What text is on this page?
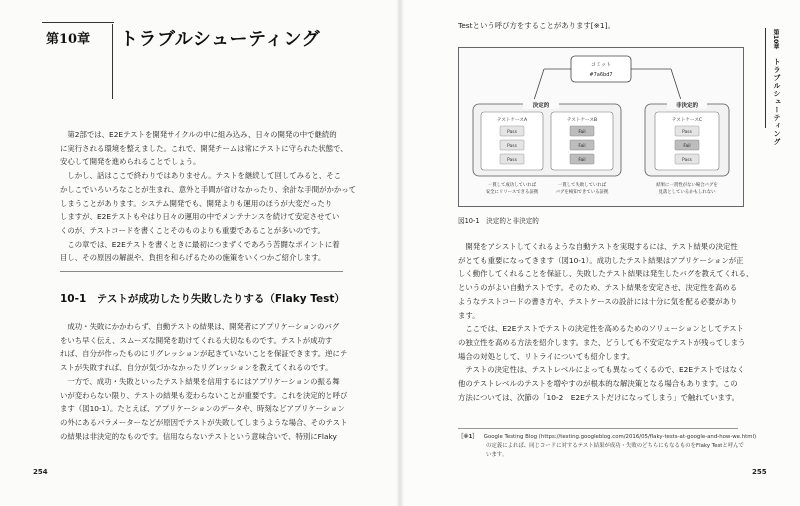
第10章 トラブルシューティング
　第2部では、E2Eテストを開発サイクルの中に組み込み、日々の開発の中で継続的
に実行される環境を整えました。これで、開発チームは常にテストに守られた状態で、
安心して開発を進められることでしょう。
　しかし、話はここで終わりではありません。テストを継続して回してみると、そこ
かしこでいろいろなことが生まれ、意外と手間が省けなかったり、余計な手間がかかって
しまうことがあります。システム開発でも、開発よりも運用のほうが大変だったり
しますが、E2Eテストもやはり日々の運用の中でメンテナンスを続けて安定させてい
くのが、テストコードを書くことそのものよりも重要であることが多いのです。
　この章では、E2Eテストを書くときに最初につまずくであろう苦闘なポイントに着
目し、その原因の解説や、負担を和らげるための施策をいくつかご紹介します。
10-1　テストが成功したり失敗したりする（Flaky Test）
　成功・失敗にかかわらず、自動テストの結果は、開発者にアプリケーションのバグ
をいち早く伝え、スムーズな開発を助けてくれる大切なものです。テストが成功す
れば、自分が作ったものにリグレッションが起きていないことを保証できます。逆にテ
ストが失敗すれば、自分が気づかなかったリグレッションを教えてくれるのです。
　一方で、成功・失敗といったテスト結果を信用するにはアプリケーションの振る舞
いが変わらない限り、テストの結果も変わらないことが重要です。これを決定的と呼び
ます（図10-1）。たとえば、アプリケーションのデータや、時刻などアプリケーション
の外にあるパラメーターなどが原因でテストが失敗してしまうような場合、そのテスト
の結果は非決定的なものです。信用ならないテストという意味合いで、特別にFlaky
254
第10章
トラブルシューティング
Testという呼び方をすることがあります[※1]。
コミット
#7a6bd7
決定的	非決定的
テストケースA
Pass
Pass
Pass
テストケースB
Fail
Fail
Fail
テストケースC
Pass
Fail
Pass
一貫して成功していれば
安全にリリースできる証拠
一貫して失敗していれば
バグを検知できている証拠
結果に一貫性がない場合バグを
見落としているかもしれない
図10-1　決定的と非決定的
　開発をアシストしてくれるような自動テストを実現するには、テスト結果の決定性
がとても重要になってきます（図10-1）。成功したテスト結果はアプリケーションが正
しく動作してくれることを保証し、失敗したテスト結果は発生したバグを教えてくれる、
というのがよい自動テストです。そのため、テスト結果を安定させ、決定性を高める
ようなテストコードの書き方や、テストケースの設計には十分に気を配る必要があり
ます。
　ここでは、E2Eテストでテストの決定性を高めるためのソリューションとしてテスト
の独立性を高める方法を紹介します。また、どうしても不安定なテストが残ってしまう
場合の対処として、リトライについても紹介します。
　テストの決定性は、テストレベルによっても異なってくるので、E2Eテストではなく
他のテストレベルのテストを増やすのが根本的な解決策となる場合もあります。この
方法については、次節の「10-2　E2Eテストだけになってしまう」で触れています。
［※1］ Google Testing Blog (https://testing.googleblog.com/2016/05/flaky-tests-at-google-and-how-we.html)
の定義によれば、同じコードに対するテスト結果が成功・失敗のどちらにもなるものをFlaky Testと呼んで
います。
255
